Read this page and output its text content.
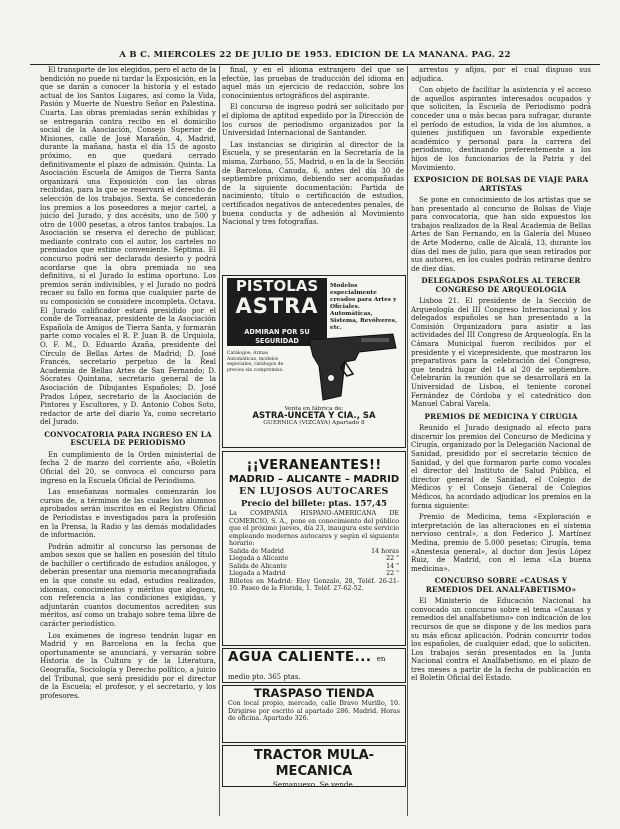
A B C. MIÉRCOLES 22 DE JULIO DE 1953. EDICION DE LA MAÑANA. PAG. 22

El transporte de los elegidos, pero el acto de la bendición no puede ni tardar la Exposición, en la que se darán a conocer la historia y el estado actual de los Santos Lugares, así como la Vida, Pasión y Muerte de Nuestro Señor en Palestina. Cuarta. Las obras premiadas serán exhibidas y se entregarán contra recibo en el domicilio social de la Asociación, Consejo Superior de Misiones, calle de José Marañón, 4, Madrid, durante la mañana, hasta el día 15 de agosto próximo, en que quedará cerrado definitivamente el plazo de admisión. Quinta. La Asociación Escuela de Amigos de Tierra Santa organizará una Exposición con las obras recibidas, para la que se reservará el derecho de selección de los trabajos. Sexta. Se concederán los premios a los poseedores a mejor cartel, a juicio del Jurado, y dos accésits, uno de 500 y otro de 1000 pesetas, a otros tantos trabajos. La Asociación se reserva el derecho de publicar, mediante contrato con el autor, los carteles no premiados que estime conveniente. Séptima. El concurso podrá ser declarado desierto y podrá acordarse que la obra premiada no sea definitiva, si el Jurado lo estima oportuno. Los premios serán indivisibles, y el Jurado no podrá recaer su fallo en forma que cualquier parte de su composición se considere incompleta. Octava. El Jurado calificador estará presidido por el conde de Torreanaz, presidente de la Asociación Española de Amigos de Tierra Santa, y formarán parte como vocales el R. P. Juan B. de Urquiola, O. F. M., D. Eduardo Azaña, presidente del Círculo de Bellas Artes de Madrid; D. José Francés, secretario perpetuo de la Real Academia de Bellas Artes de San Fernando; D. Sócrates Quintana, secretario general de la Asociación de Dibujantes Españoles; D. José Prados López, secretario de la Asociación de Pintores y Escultores, y D. Antonio Cobos Soto, redactor de arte del diario Ya, como secretario del Jurado.

CONVOCATORIA PARA INGRESO EN LA ESCUELA DE PERIODISMO

En cumplimiento de la Orden ministerial de fecha 2 de marzo del corriente año, «Boletín Oficial del 20, se convoca el concurso para ingreso en la Escuela Oficial de Periodismo.

Las enseñanzas normales comenzarán los cursos de, a términos de las cuales los alumnos aprobados serán inscritos en el Registro Oficial de Periodistas e investigados para la profesión en la Prensa, la Radio y las demás modalidades de información.

Podrán admitir al concurso las personas de ambos sexos que se hallen en posesión del título de bachiller o certificado de estudios análogos, y deberán presentar una memoria mecanografiada en la que conste su edad, estudios realizados, idiomas, conocimientos y méritos que aleguen, con referencia a las condiciones exigidas, y adjuntarán cuantos documentos acrediten sus méritos, así como un trabajo sobre tema libre de carácter periodístico.

Los exámenes de ingreso tendrán lugar en Madrid y en Barcelona en la fecha que oportunamente se anunciará, y versarán sobre Historia de la Cultura y de la Literatura, Geografía, Sociología y Derecho político, a juicio del Tribunal, que será presidido por el director de la Escuela; el profesor, y el secretario, y los profesores.

final, y en el idioma extranjero del que se efectúe, las pruebas de traducción del idioma en aquel más un ejercicio de redacción, sobre los conocimientos ortográficos del aspirante.

El concurso de ingreso podrá ser solicitado por el diploma de aptitud expedido por la Dirección de los cursos de periodismo organizados por la Universidad Internacional de Santander.

Las instancias se dirigirán al director de la Escuela, y se presentarán en la Secretaría de la misma, Zurbano, 55, Madrid, o en la de la Sección de Barcelona, Canuda, 6, antes del día 30 de septiembre próximo, debiendo ser acompañadas de la siguiente documentación: Partida de nacimiento, título o certificación de estudios, certificados negativos de antecedentes penales, de buena conducta y de adhesión al Movimiento Nacional y tres fotografías.

PISTOLAS
ASTRA
ADMIRAN POR SU SEGURIDAD
Modelos especialmente creados para Artes y Oficiales. Automáticas, Sistema, Revólveres, etc.
Catálogos: Armas Automáticas, modelos especiales, catálogos de precios sin compromiso.
Venta en fábrica de:
ASTRA-UNCETA Y CIA., SA
GUERNICA (VIZCAYA) Apartado 8
¡¡VERANEANTES!!
MADRID – ALICANTE – MADRID
EN LUJOSOS AUTOCARES
Precio del billete: ptas. 157,45
La COMPAÑÍA HISPANO-AMERICANA DE COMERCIO, S. A., pone en conocimiento del público que el próximo jueves, día 23, inaugura este servicio empleando modernos autocares y según el siguiente horario:
Salida de Madrid	14 horas
Llegada a Alicante	22 "
Salida de Alicante	14 "
Llegada a Madrid	22 "
Billetes en Madrid: Eloy Gonzalo, 28, Teléf. 26-21-10. Paseo de la Florida, 1. Teléf. 27-62-52.
AGUA CALIENTE... en medio pto. 365 ptas.
TRASPASO TIENDA
Con local propio, mercado, calle Bravo Murillo, 10. Dirigirse por escrito al apartado 286. Madrid. Horas de oficina. Apartado 326.
TRACTOR MULA-MECANICA
Semanuevo. Se vende.

arrestos y afijos, por el cual dispuso sus adjudica.

Con objeto de facilitar la asistencia y el acceso de aquellos aspirantes interesados ocupados y que soliciten, la Escuela de Periodismo podrá conceder una o más becas para sufragar, durante el período de estudios, la vida de los alumnos, a quienes justifiquen un favorable expediente académico y personal para la carrera del periodismo, destinando preferentemente a los hijos de los funcionarios de la Patria y del Movimiento.

EXPOSICION DE BOLSAS DE VIAJE PARA ARTISTAS

Se pone en conocimiento de los artistas que se han presentado al concurso de Bolsas de Viaje para convocatoria, que han sido expuestos los trabajos realizados de la Real Academia de Bellas Artes de San Fernando, en la Galería del Museo de Arte Moderno, calle de Alcalá, 13, durante los días del mes de julio, para que sean retirados por sus autores, en los cuales podrán retirarse dentro de diez días.

DELEGADOS ESPAÑOLES AL TERCER CONGRESO DE ARQUEOLOGIA

Lisboa 21. El presidente de la Sección de Arqueología del III Congreso Internacional y los delegados españoles se han presentado a la Comisión Organizadora para asistir a las actividades del III Congreso de Arqueología. En la Cámara Municipal fueron recibidos por el presidente y el vicepresidente, que mostraron los preparativos para la celebración del Congreso, que tendrá lugar del 14 al 20 de septiembre. Celebrarán la reunión que se desarrollará en la Universidad de Lisboa, el teniente coronel Fernández de Córdoba y el catedrático don Manuel Cabral Varela.

PREMIOS DE MEDICINA Y CIRUGIA

Reunido el Jurado designado al efecto para discernir los premios del Concurso de Medicina y Cirugía, organizado por la Delegación Nacional de Sanidad, presidido por el secretario técnico de Sanidad, y del que formaron parte como vocales el director del Instituto de Salud Pública, el director general de Sanidad, el Colegio de Médicos y el Consejo General de Colegios Médicos, ha acordado adjudicar los premios en la forma siguiente:

Premio de Medicina, tema «Exploración e interpretación de las alteraciones en el sistema nervioso central», a don Federico J. Martínez Medina, premio de 5.000 pesetas; Cirugía, tema «Anestesia general», al doctor don Jesús López Ruiz, de Madrid, con el lema «La buena medicina».

CONCURSO SOBRE «CAUSAS Y REMEDIOS DEL ANALFABETISMO»

El Ministerio de Educación Nacional ha convocado un concurso sobre el tema «Causas y remedios del analfabetismo» con indicación de los recursos de que se dispone y de los medios para su más eficaz aplicación. Podrán concurrir todos los españoles, de cualquier edad, que lo soliciten. Los trabajos serán presentados en la Junta Nacional contra el Analfabetismo, en el plazo de tres meses a partir de la fecha de publicación en el Boletín Oficial del Estado.
